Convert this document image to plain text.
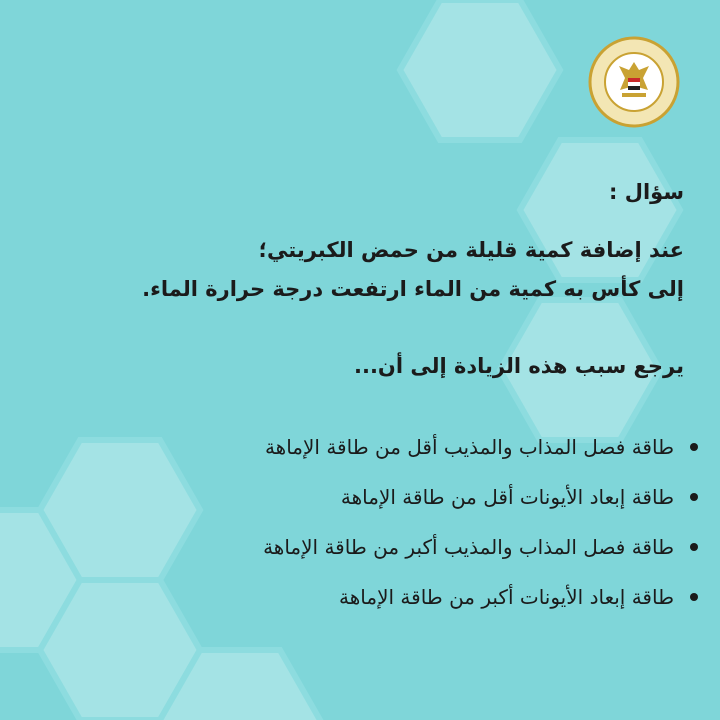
سؤال :
عند إضافة كمية قليلة من حمض الكبريتي؛
إلى كأس به كمية من الماء ارتفعت درجة حرارة الماء.
يرجع سبب هذه الزيادة إلى أن...
طاقة فصل المذاب والمذيب أقل من طاقة الإماهة
طاقة إبعاد الأيونات أقل من طاقة الإماهة
طاقة فصل المذاب والمذيب أكبر من طاقة الإماهة
طاقة إبعاد الأيونات أكبر من طاقة الإماهة
